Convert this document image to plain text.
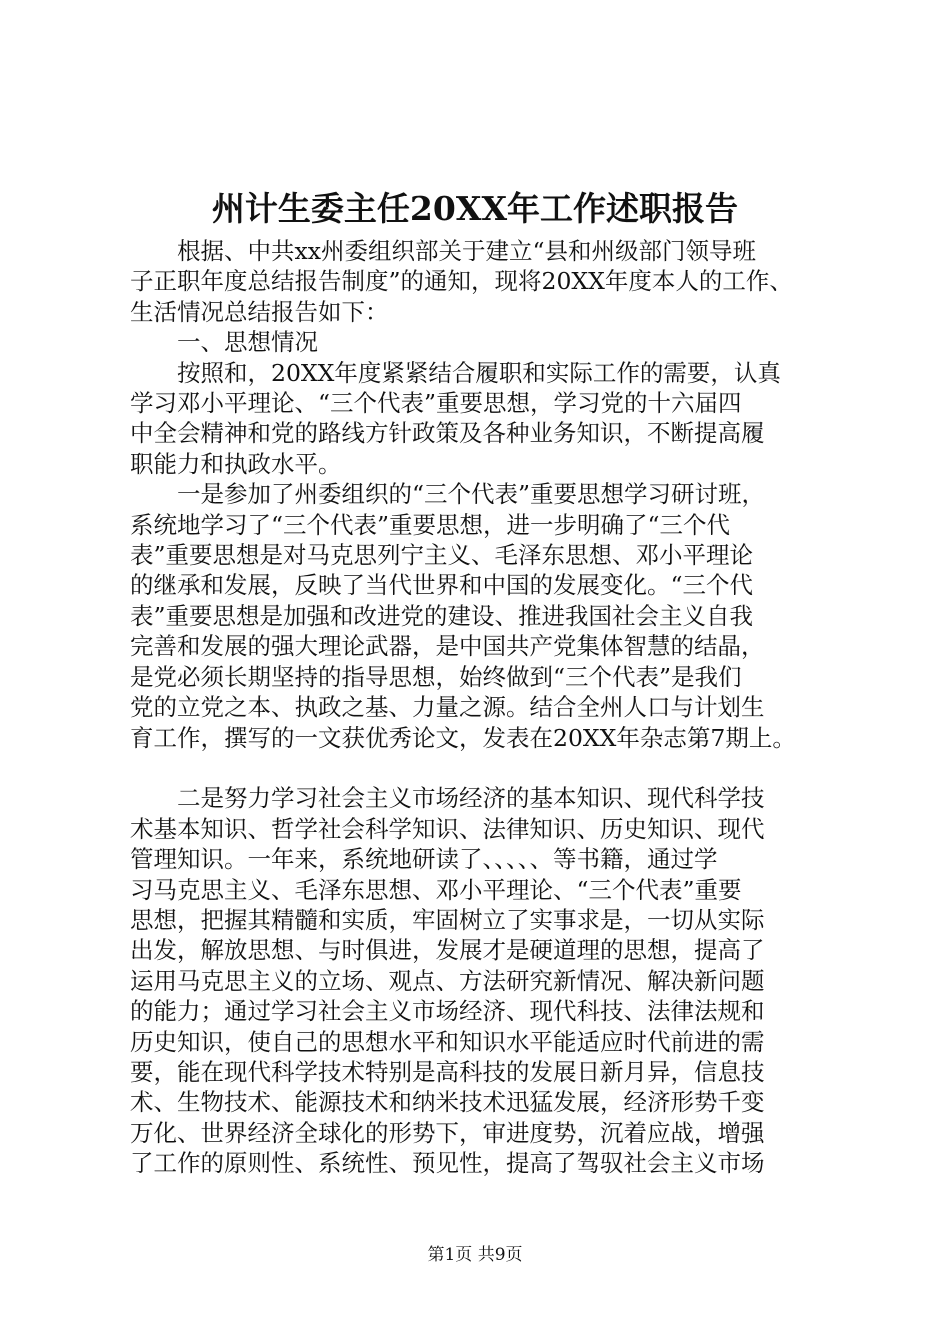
州计生委主任20XX年工作述职报告
根据、中共xx州委组织部关于建立“县和州级部门领导班
子正职年度总结报告制度”的通知，现将20XX年度本人的工作、
生活情况总结报告如下：
一、思想情况
按照和，20XX年度紧紧结合履职和实际工作的需要，认真
学习邓小平理论、“三个代表”重要思想，学习党的十六届四
中全会精神和党的路线方针政策及各种业务知识，不断提高履
职能力和执政水平。
一是参加了州委组织的“三个代表”重要思想学习研讨班，
系统地学习了“三个代表”重要思想，进一步明确了“三个代
表”重要思想是对马克思列宁主义、毛泽东思想、邓小平理论
的继承和发展，反映了当代世界和中国的发展变化。“三个代
表”重要思想是加强和改进党的建设、推进我国社会主义自我
完善和发展的强大理论武器，是中国共产党集体智慧的结晶，
是党必须长期坚持的指导思想，始终做到“三个代表”是我们
党的立党之本、执政之基、力量之源。结合全州人口与计划生
育工作，撰写的一文获优秀论文，发表在20XX年杂志第7期上。
二是努力学习社会主义市场经济的基本知识、现代科学技
术基本知识、哲学社会科学知识、法律知识、历史知识、现代
管理知识。一年来，系统地研读了、、、、、等书籍，通过学
习马克思主义、毛泽东思想、邓小平理论、“三个代表”重要
思想，把握其精髓和实质，牢固树立了实事求是，一切从实际
出发，解放思想、与时俱进，发展才是硬道理的思想，提高了
运用马克思主义的立场、观点、方法研究新情况、解决新问题
的能力；通过学习社会主义市场经济、现代科技、法律法规和
历史知识，使自己的思想水平和知识水平能适应时代前进的需
要，能在现代科学技术特别是高科技的发展日新月异，信息技
术、生物技术、能源技术和纳米技术迅猛发展，经济形势千变
万化、世界经济全球化的形势下，审进度势，沉着应战，增强
了工作的原则性、系统性、预见性，提高了驾驭社会主义市场
第1页 共9页
